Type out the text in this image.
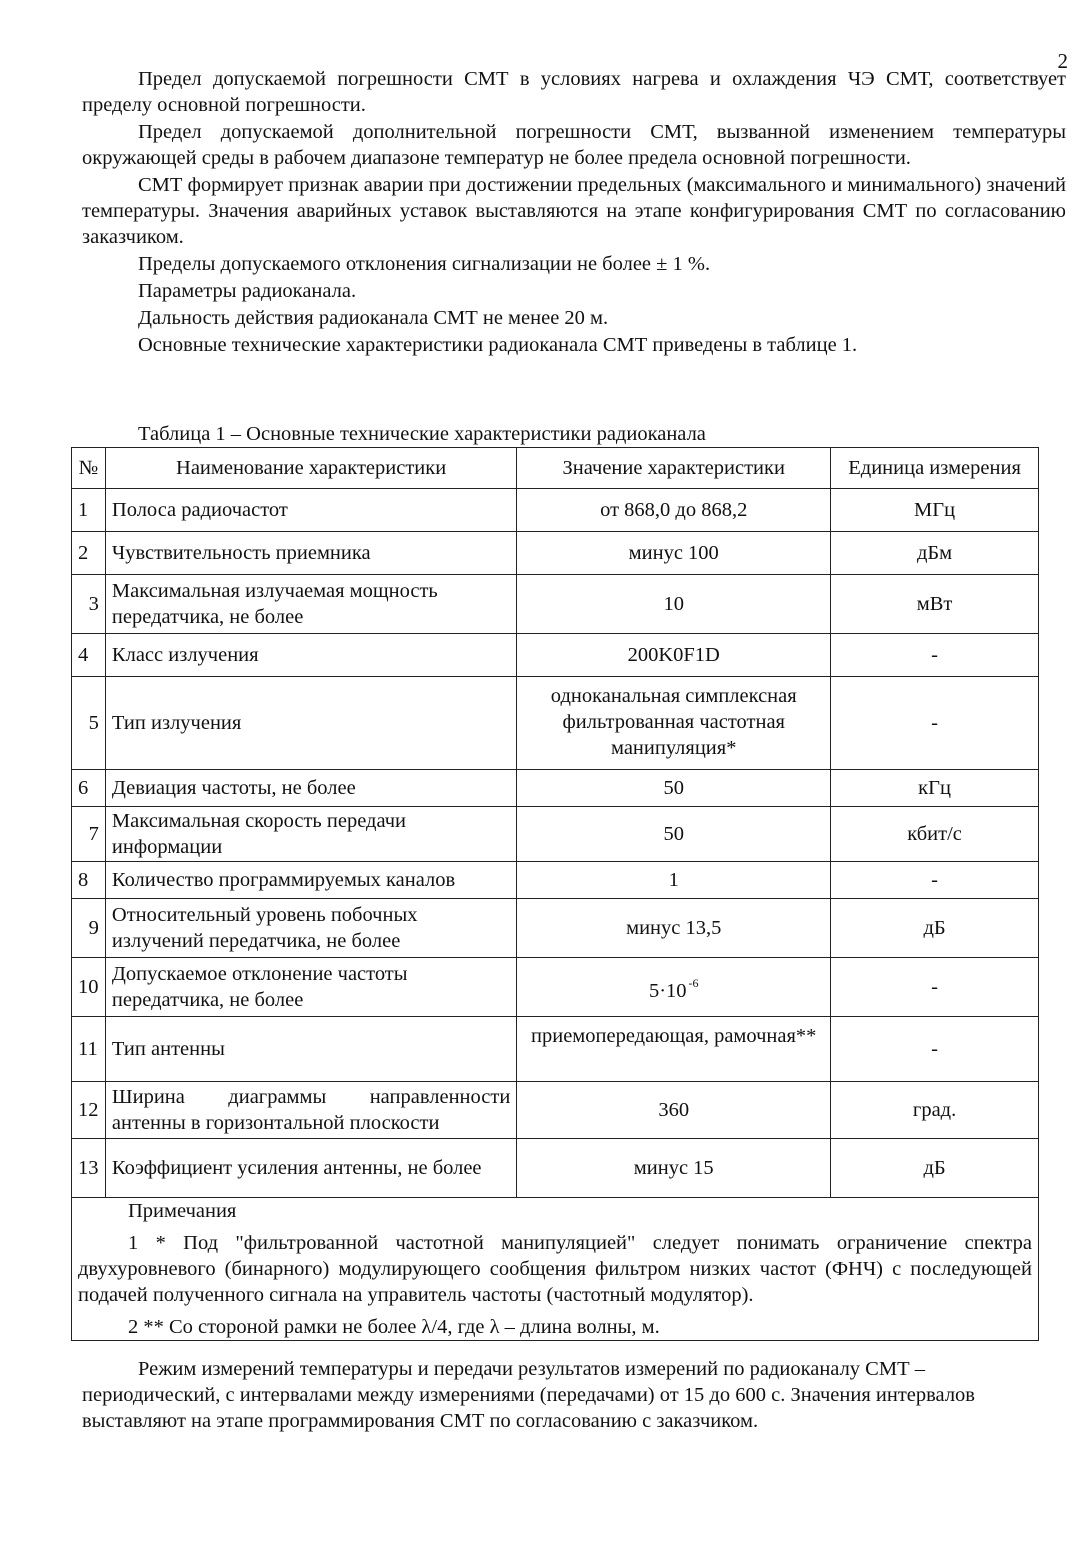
2

Предел допускаемой погрешности СМТ в условиях нагрева и охлаждения ЧЭ СМТ, соответствует пределу основной погрешности.

Предел допускаемой дополнительной погрешности СМТ, вызванной изменением температуры окружающей среды в рабочем диапазоне температур не более предела основной погрешности.

СМТ формирует признак аварии при достижении предельных (максимального и минимального) значений температуры. Значения аварийных уставок выставляются на этапе конфигурирования СМТ по согласованию заказчиком.

Пределы допускаемого отклонения сигнализации не более ± 1 %.

Параметры радиоканала.

Дальность действия радиоканала СМТ не менее 20 м.

Основные технические характеристики радиоканала СМТ приведены в таблице 1.

Таблица 1 – Основные технические характеристики радиоканала
№	Наименование характеристики	Значение характеристики	Единица измерения
1	Полоса радиочастот	от 868,0 до 868,2	МГц
2	Чувствительность приемника	минус 100	дБм
3	Максимальная излучаемая мощность передатчика, не более	10	мВт
4	Класс излучения	200K0F1D	-
5	Тип излучения	одноканальная симплексная фильтрованная частотная манипуляция*	-
6	Девиация частоты, не более	50	кГц
7	Максимальная скорость передачи информации	50	кбит/с
8	Количество программируемых каналов	1	-
9	Относительный уровень побочных излучений передатчика, не более	минус 13,5	дБ
10	Допускаемое отклонение частоты передатчика, не более	5·10 $^{-6}$	-
11	Тип антенны	приемопередающая, рамочная**	-
12	Ширина диаграммы направленности антенны в горизонтальной плоскости	360	град.
13	Коэффициент усиления антенны, не более	минус 15	дБ

Примечания

1 * Под "фильтрованной частотной манипуляцией" следует понимать ограничение спектра двухуровневого (бинарного) модулирующего сообщения фильтром низких частот (ФНЧ) с последующей подачей полученного сигнала на управитель частоты (частотный модулятор).

2 ** Со стороной рамки не более λ/4, где λ – длина волны, м.			

Режим измерений температуры и передачи результатов измерений по радиоканалу СМТ – периодический, с интервалами между измерениями (передачами) от 15 до 600 с. Значения интервалов выставляют на этапе программирования СМТ по согласованию с заказчиком.
